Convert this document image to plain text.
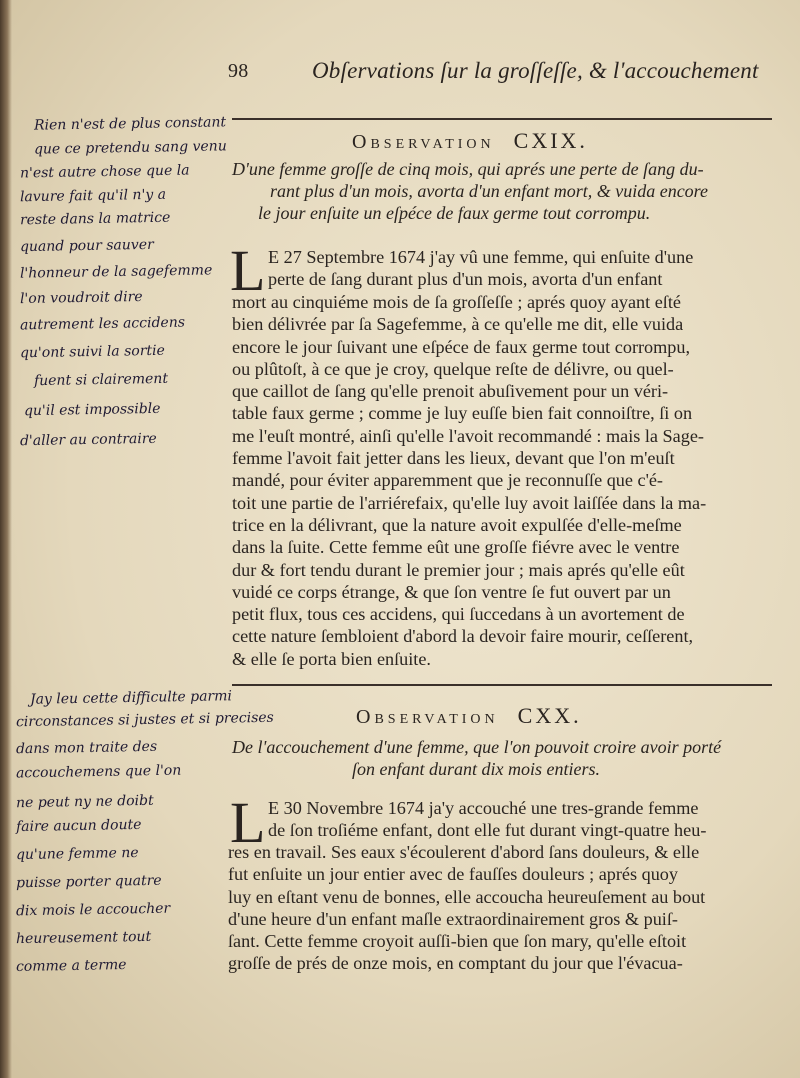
98	Obſervations ſur la groſſeſſe, & l'accouchement
Observation CXIX.
D'une femme groſſe de cinq mois, qui aprés une perte de ſang du-
rant plus d'un mois, avorta d'un enfant mort, & vuida encore
le jour enſuite un eſpéce de faux germe tout corrompu.
L E 27 Septembre 1674 j'ay vû une femme, qui enſuite d'une
perte de ſang durant plus d'un mois, avorta d'un enfant
mort au cinquiéme mois de ſa groſſeſſe ; aprés quoy ayant eſté
bien délivrée par ſa Sagefemme, à ce qu'elle me dit, elle vuida
encore le jour ſuivant une eſpéce de faux germe tout corrompu,
ou plûtoſt, à ce que je croy, quelque reſte de délivre, ou quel-
que caillot de ſang qu'elle prenoit abuſivement pour un véri-
table faux germe ; comme je luy euſſe bien fait connoiſtre, ſi on
me l'euſt montré, ainſi qu'elle l'avoit recommandé : mais la Sage-
femme l'avoit fait jetter dans les lieux, devant que l'on m'euſt
mandé, pour éviter apparemment que je reconnuſſe que c'é-
toit une partie de l'arriérefaix, qu'elle luy avoit laiſſée dans la ma-
trice en la délivrant, que la nature avoit expulſée d'elle-meſme
dans la ſuite. Cette femme eût une groſſe fiévre avec le ventre
dur & fort tendu durant le premier jour ; mais aprés qu'elle eût
vuidé ce corps étrange, & que ſon ventre ſe fut ouvert par un
petit flux, tous ces accidens, qui ſuccedans à un avortement de
cette nature ſembloient d'abord la devoir faire mourir, ceſſerent,
& elle ſe porta bien enſuite.
Observation CXX.
De l'accouchement d'une femme, que l'on pouvoit croire avoir porté
ſon enfant durant dix mois entiers.
L E 30 Novembre 1674 ja'y accouché une tres-grande femme
de ſon troſiéme enfant, dont elle fut durant vingt-quatre heu-
res en travail. Ses eaux s'écoulerent d'abord ſans douleurs, & elle
fut enſuite un jour entier avec de fauſſes douleurs ; aprés quoy
luy en eſtant venu de bonnes, elle accoucha heureuſement au bout
d'une heure d'un enfant maſle extraordinairement gros & puiſ-
ſant. Cette femme croyoit auſſi-bien que ſon mary, qu'elle eſtoit
groſſe de prés de onze mois, en comptant du jour que l'évacua-
Rien n'est de plus constant
que ce pretendu sang venu
n'est autre chose que la
lavure fait qu'il n'y a
reste dans la matrice
quand pour sauver
l'honneur de la sagefemme
l'on voudroit dire
autrement les accidens
qu'ont suivi la sortie
fuent si clairement
qu'il est impossible
d'aller au contraire
Jay leu cette difficulte parmi
circonstances si justes et si precises
dans mon traite des
accouchemens que l'on
ne peut ny ne doibt
faire aucun doute
qu'une femme ne
puisse porter quatre
dix mois le accoucher
heureusement tout
comme a terme
